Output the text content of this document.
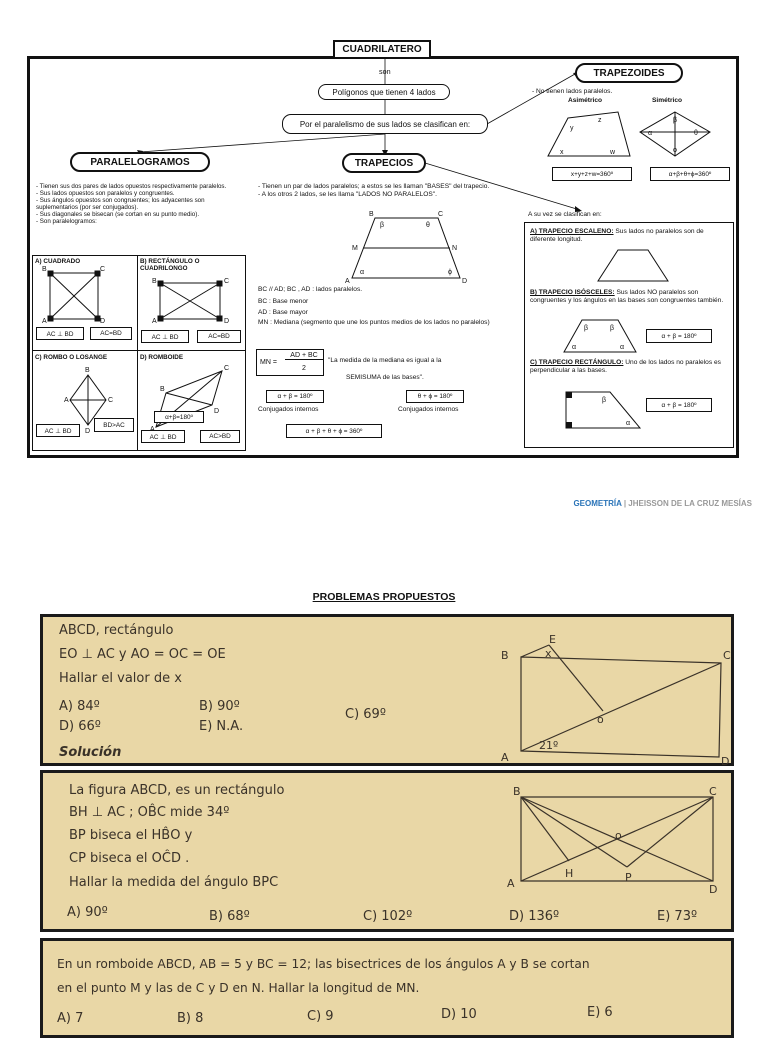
CUADRILATERO
son
Polígonos que tienen 4 lados
Por el paralelismo de sus lados se clasifican en:
PARALELOGRAMOS	TRAPECIOS
TRAPEZOIDES
- Tienen sus dos pares de lados opuestos respectivamente paralelos.
- Sus lados opuestos son paralelos y congruentes.
- Sus ángulos opuestos son congruentes; los adyacentes son suplementarios (por ser conjugados).
- Sus diagonales se bisecan (se cortan en su punto medio).
- Son paralelogramos:
A) CUADRADO	B) RECTÁNGULO O CUADRILONGO
C) ROMBO O LOSANGE	D) ROMBOIDE
B	C
A	D
B	C
A	D
B
A	C
D
B
C
D
AC ⊥ BD	AC=BD	AC ⊥ BD	AC=BD
AC ⊥ BD
BD>AC
α+β=180º
AC ⊥ BD	AC>BD
- Tienen un par de lados paralelos; a estos se les llaman "BASES" del trapecio.
- A los otros 2 lados, se les llama "LADOS NO PARALELOS".
B	C
A	D
M	N
β	θ
α	ϕ
BC // AD; BC , AD : lados paralelos.
BC : Base menor
AD : Base mayor
MN : Mediana (segmento que une los puntos medios de los lados no paralelos)
MN =
AD + BC
2
"La medida de la mediana es igual a la
SEMISUMA de las bases".
α + β = 180º	θ + ϕ = 180º
Conjugados internos	Conjugados internos
α + β + θ + ϕ = 360º
- No tienen lados paralelos.
Asimétrico	Simétrico
y
z
x	w
β
α	θ
ϕ
x+y+z+w=360º	α+β+θ+ϕ=360º
A su vez se clasifican en:
A) TRAPECIO ESCALENO: Sus lados no paralelos son de diferente longitud.
B) TRAPECIO ISÓSCELES: Sus lados NO paralelos son congruentes y los ángulos en las bases son congruentes también.
β	β
α	α
α + β = 180º
C) TRAPECIO RECTÁNGULO: Uno de los lados no paralelos es perpendicular a las bases.
β
α
α + β = 180º
GEOMETRÍA | JHEISSON DE LA CRUZ MESÍAS
PROBLEMAS PROPUESTOS
ABCD, rectángulo
EO ⊥ AC y AO = OC = OE
Hallar el valor de x
A) 84º	B) 90º
C) 69º
D) 66º	E) N.A.
Solución
B
E
C
A	D
o
21º
x
La figura ABCD, es un rectángulo
BH ⊥ AC ; OB̂C mide 34º
BP biseca el HB̂O y
CP biseca el OĈD .
Hallar la medida del ángulo BPC
A) 90º	B) 68º	C) 102º	D) 136º	E) 73º
B	C
A	D
H	P
o
En un romboide ABCD, AB = 5 y BC = 12; las bisectrices de los ángulos A y B se cortan
en el punto M y las de C y D en N. Hallar la longitud de MN.
A) 7	B) 8	C) 9	D) 10	E) 6
